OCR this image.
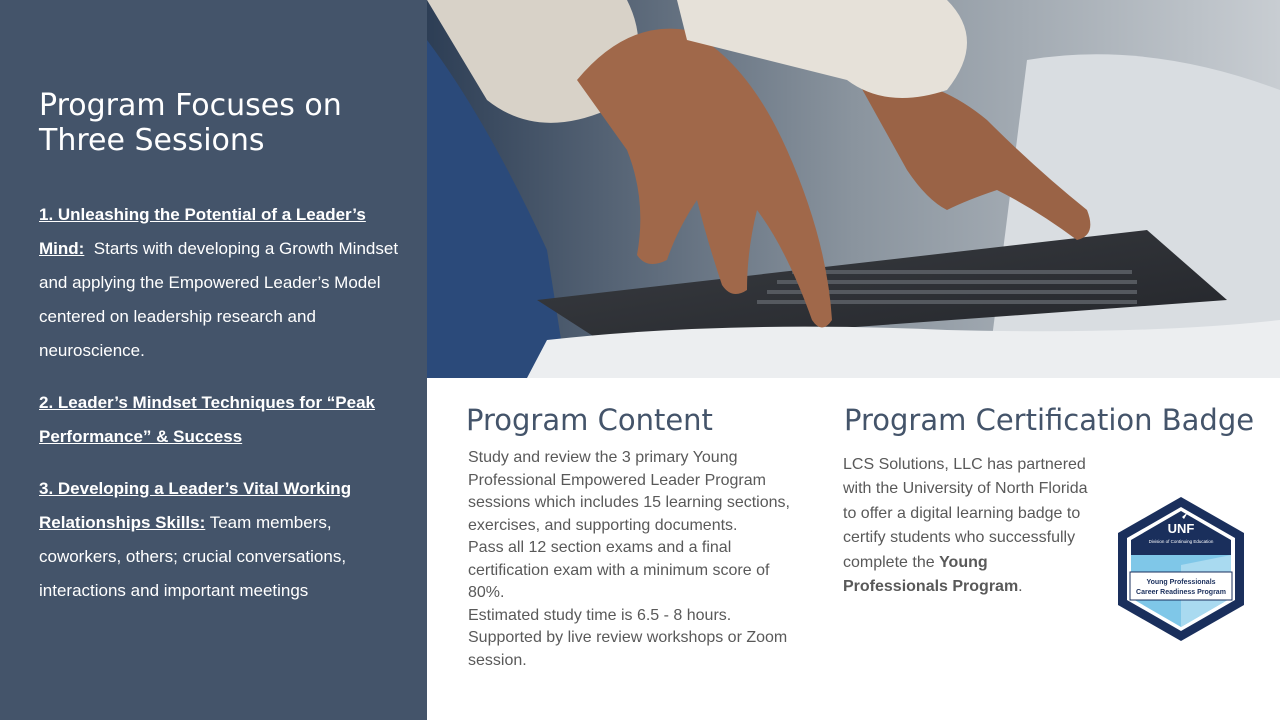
Program Focuses on Three Sessions
1. Unleashing the Potential of a Leader’s Mind: Starts with developing a Growth Mindset and applying the Empowered Leader’s Model centered on leadership research and neuroscience.
2. Leader’s Mindset Techniques for “Peak Performance” & Success
3. Developing a Leader’s Vital Working Relationships Skills: Team members, coworkers, others; crucial conversations, interactions and important meetings
Program Content

Study and review the 3 primary Young Professional Empowered Leader Program sessions which includes 15 learning sections, exercises, and supporting documents.

Pass all 12 section exams and a final certification exam with a minimum score of 80%.

Estimated study time is 6.5 - 8 hours. Supported by live review workshops or Zoom session.

Program Certification Badge

LCS Solutions, LLC has partnered with the University of North Florida to offer a digital learning badge to certify students who successfully complete the Young Professionals Program.

UNF
Division of Continuing Education
Young Professionals
Career Readiness Program
